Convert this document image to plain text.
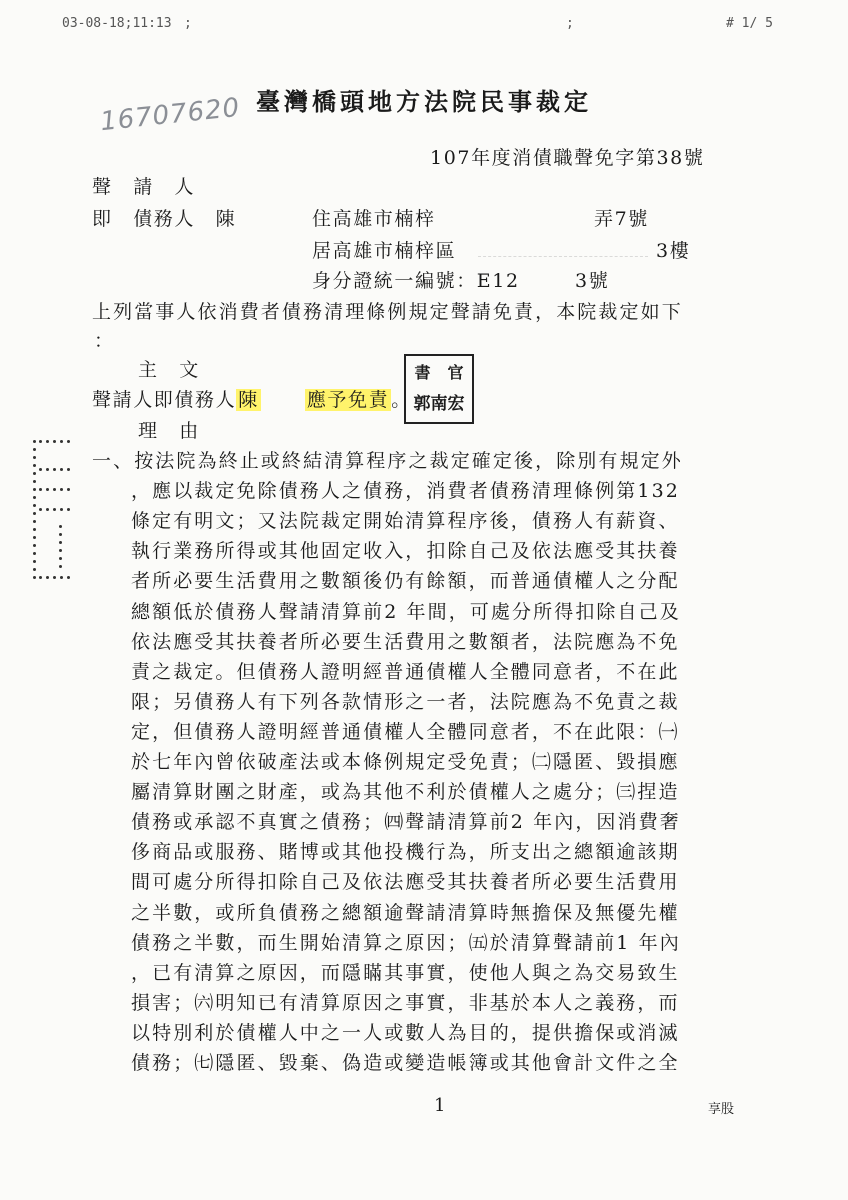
03-08-18;11:13 ;	;	# 1/ 5
16707620 臺灣橋頭地方法院民事裁定
107年度消債職聲免字第38號
聲　請　人
即　債務人　陳	住高雄市楠梓	弄7號
居高雄市楠梓區	3樓
身分證統一編號：E12	3號
上列當事人依消費者債務清理條例規定聲請免責，本院裁定如下
：
主　文
聲請人即債務人 陳	應予免責 。
書	官
郭南宏
理　由
一、按法院為終止或終結清算程序之裁定確定後，除別有規定外
，應以裁定免除債務人之債務，消費者債務清理條例第132
條定有明文；又法院裁定開始清算程序後，債務人有薪資、
執行業務所得或其他固定收入，扣除自己及依法應受其扶養
者所必要生活費用之數額後仍有餘額，而普通債權人之分配
總額低於債務人聲請清算前2 年間，可處分所得扣除自己及
依法應受其扶養者所必要生活費用之數額者，法院應為不免
責之裁定。但債務人證明經普通債權人全體同意者，不在此
限；另債務人有下列各款情形之一者，法院應為不免責之裁
定，但債務人證明經普通債權人全體同意者，不在此限：㈠
於七年內曾依破產法或本條例規定受免責；㈡隱匿、毀損應
屬清算財團之財產，或為其他不利於債權人之處分；㈢捏造
債務或承認不真實之債務；㈣聲請清算前2 年內，因消費奢
侈商品或服務、賭博或其他投機行為，所支出之總額逾該期
間可處分所得扣除自己及依法應受其扶養者所必要生活費用
之半數，或所負債務之總額逾聲請清算時無擔保及無優先權
債務之半數，而生開始清算之原因；㈤於清算聲請前1 年內
，已有清算之原因，而隱瞞其事實，使他人與之為交易致生
損害；㈥明知已有清算原因之事實，非基於本人之義務，而
以特別利於債權人中之一人或數人為目的，提供擔保或消滅
債務；㈦隱匿、毀棄、偽造或變造帳簿或其他會計文件之全
1	享股
